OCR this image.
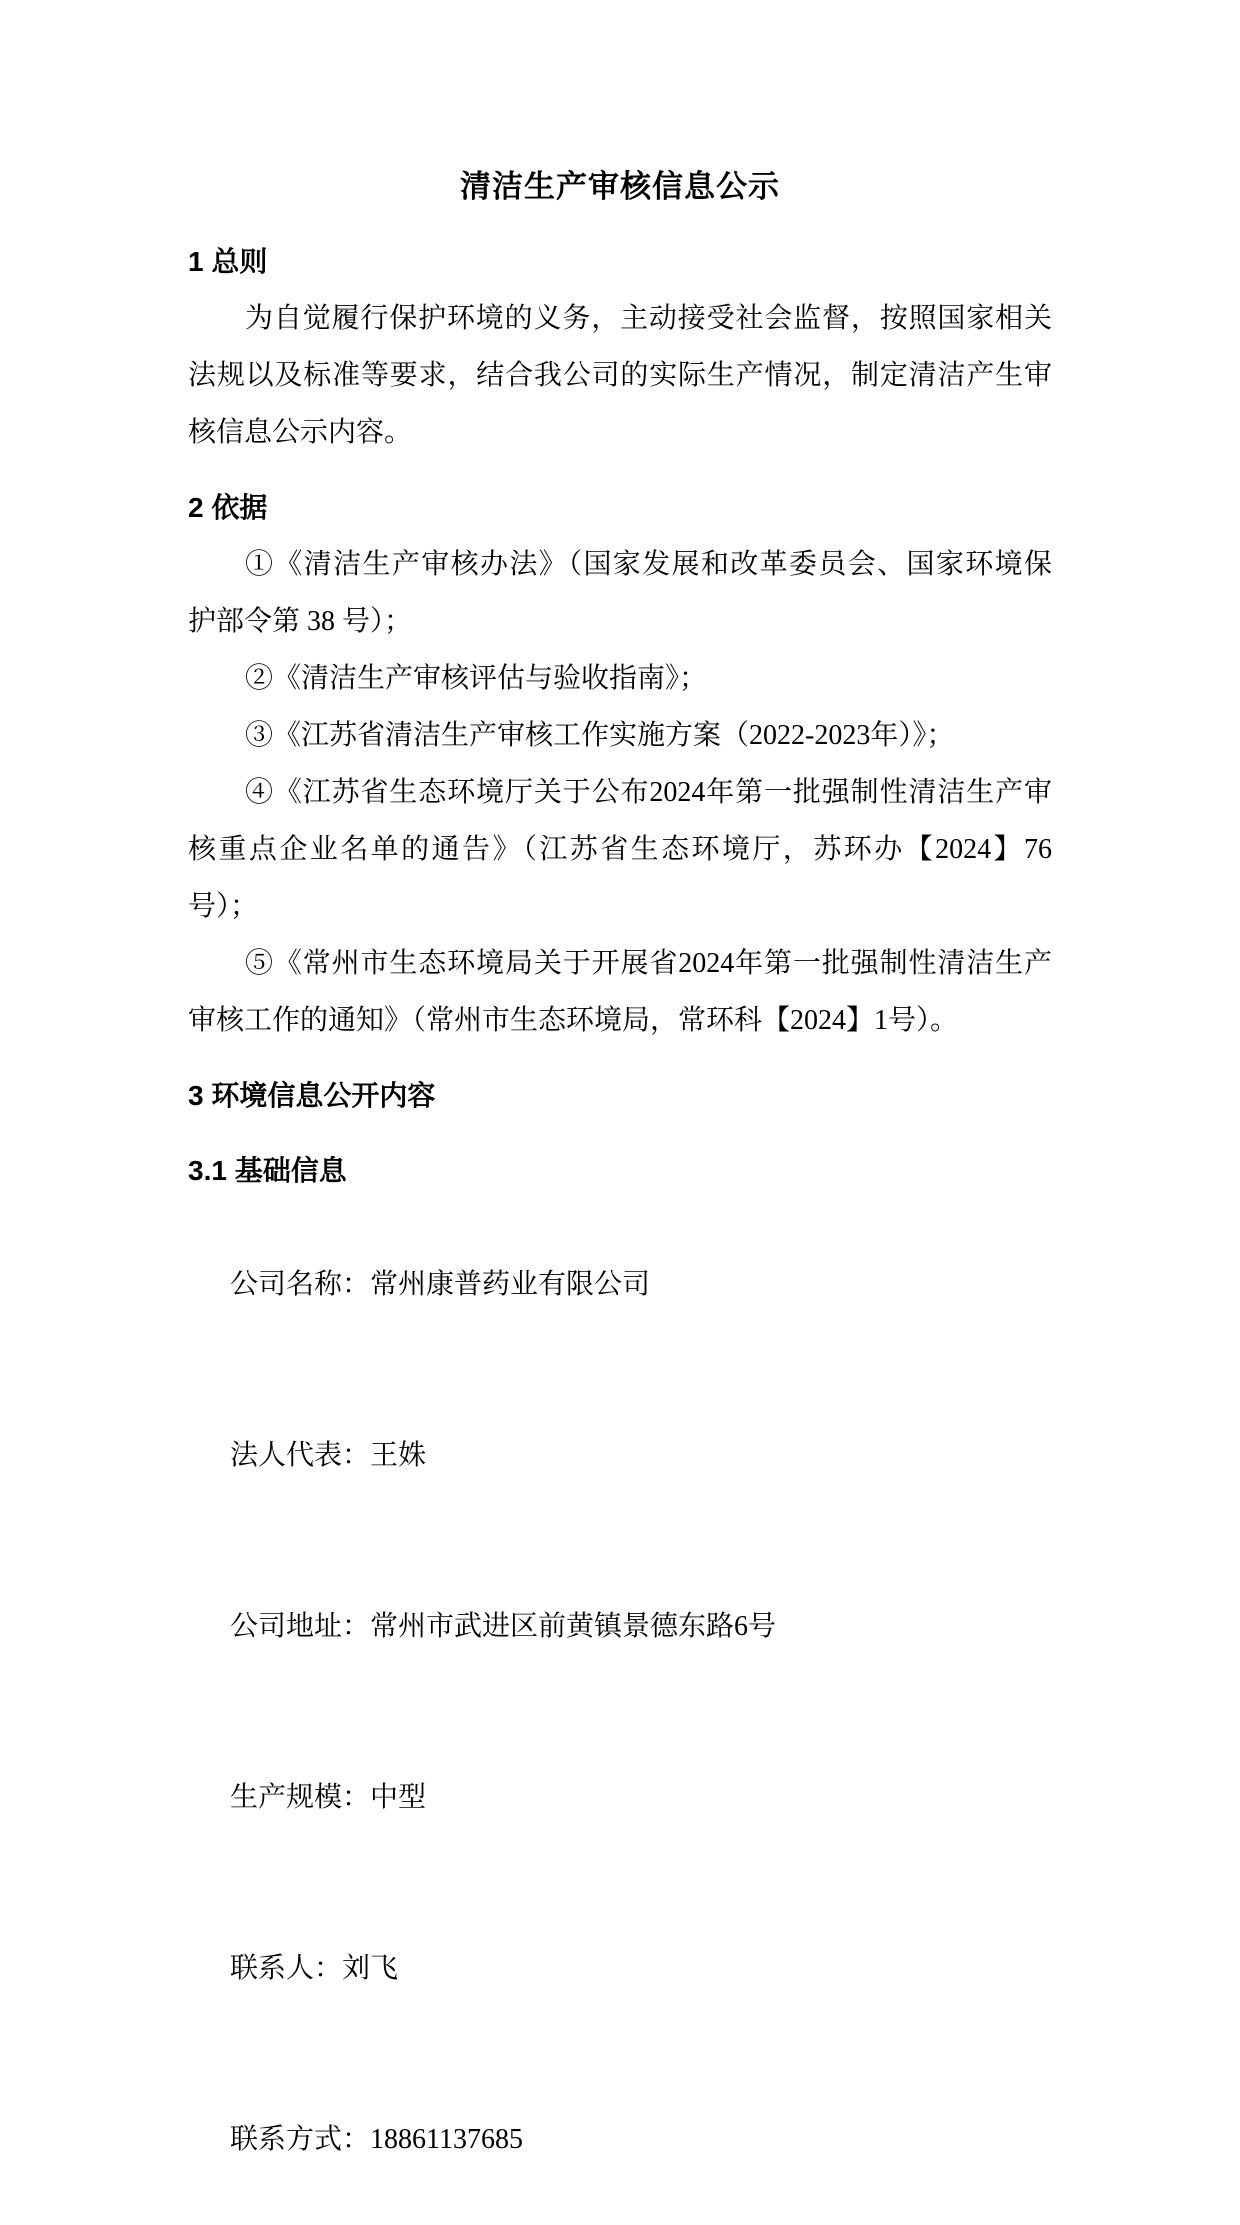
清洁生产审核信息公示
1 总则
为自觉履行保护环境的义务，主动接受社会监督，按照国家相关
法规以及标准等要求，结合我公司的实际生产情况，制定清洁产生审
核信息公示内容。
2 依据
①《清洁生产审核办法》（国家发展和改革委员会、国家环境保
护部令第 38 号）；
②《清洁生产审核评估与验收指南》；
③《江苏省清洁生产审核工作实施方案（2022-2023年）》；
④《江苏省生态环境厅关于公布2024年第一批强制性清洁生产审
核重点企业名单的通告》（江苏省生态环境厅，苏环办【2024】76
号）；
⑤《常州市生态环境局关于开展省2024年第一批强制性清洁生产
审核工作的通知》（常州市生态环境局，常环科【2024】1号）。
3 环境信息公开内容
3.1 基础信息

公司名称：常州康普药业有限公司

法人代表：王姝

公司地址：常州市武进区前黄镇景德东路6号

生产规模：中型

联系人：刘飞

联系方式：18861137685
